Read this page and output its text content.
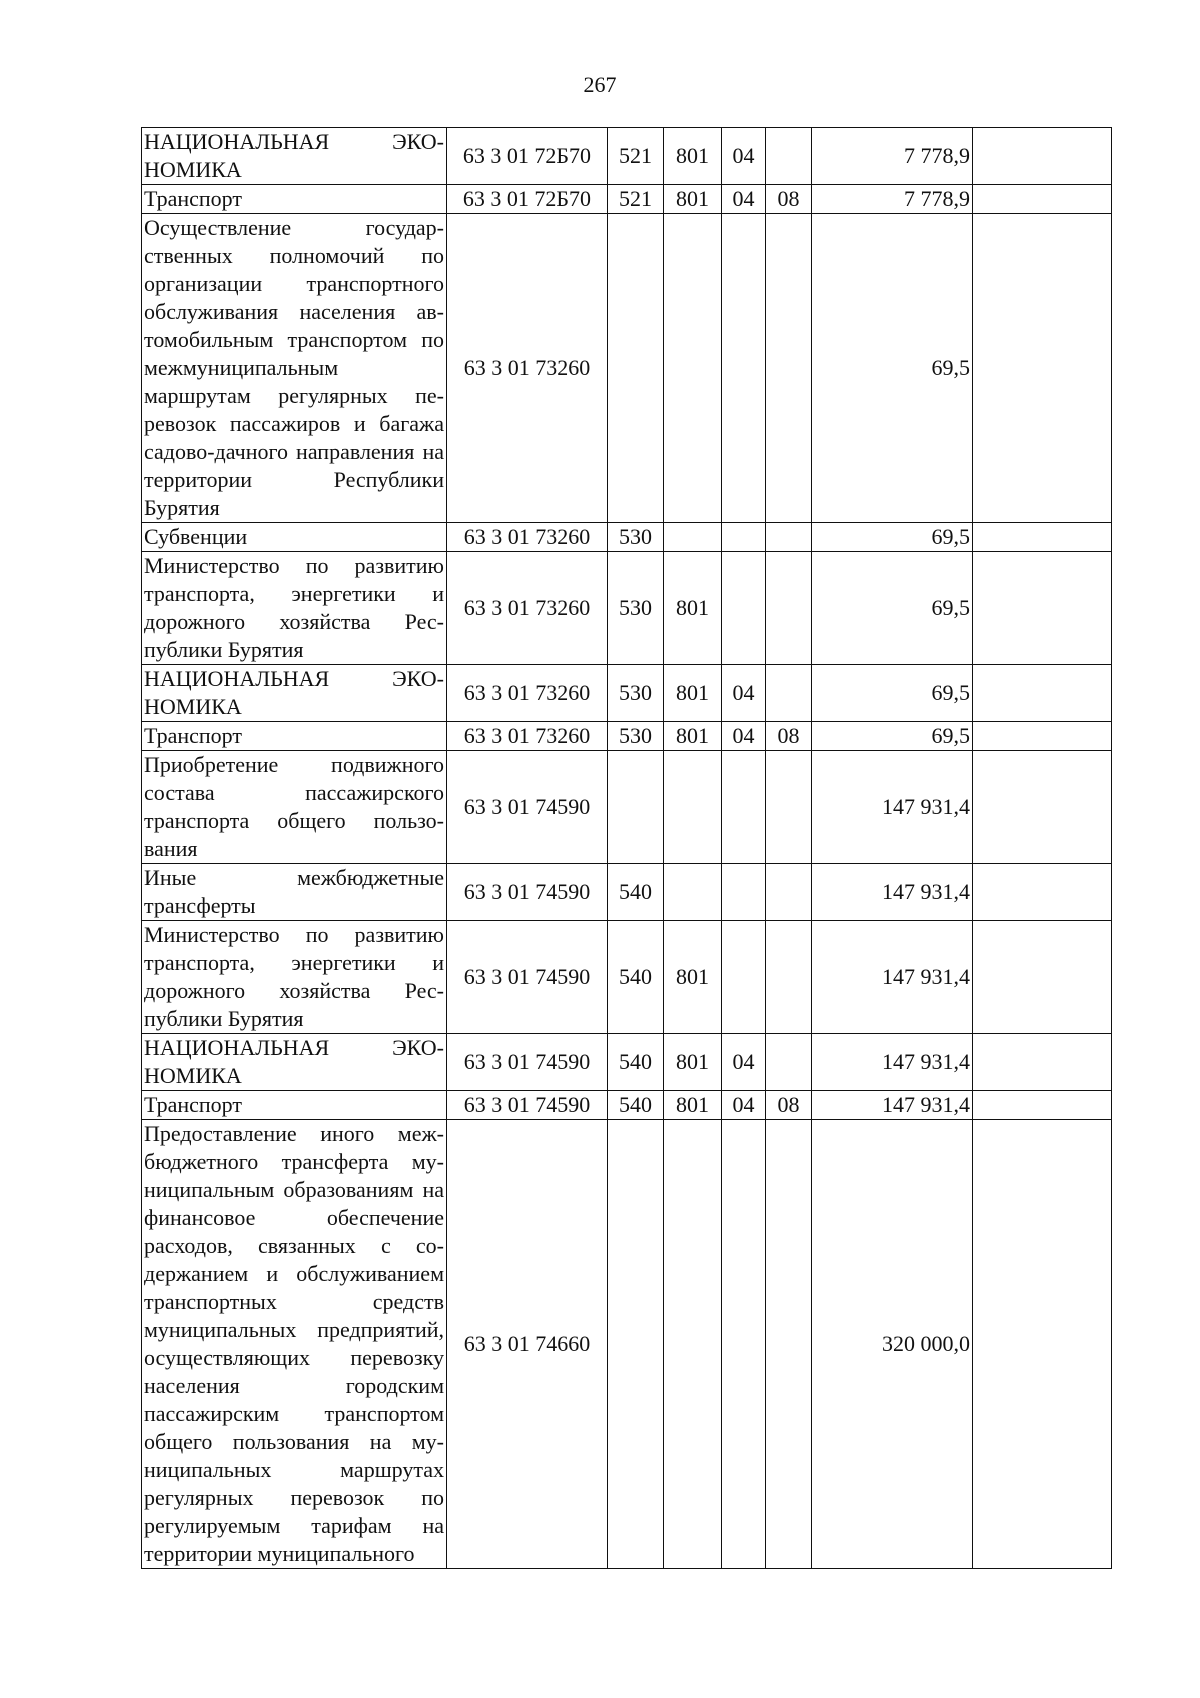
267
НАЦИОНАЛЬНАЯ ЭКОНОМИКА	63 3 01 72Б70	521	801	04		7 778,9	
Транспорт	63 3 01 72Б70	521	801	04	08	7 778,9	
Осуществление государственных полномочий по организации транспортного обслуживания населения автомобильным транспортом по межмуниципальным маршрутам регулярных перевозок пассажиров и багажа садово-дачного направления на территории Республики Бурятия	63 3 01 73260					69,5	
Субвенции	63 3 01 73260	530				69,5	
Министерство по развитию транспорта, энергетики и дорожного хозяйства Республики Бурятия	63 3 01 73260	530	801			69,5	
НАЦИОНАЛЬНАЯ ЭКОНОМИКА	63 3 01 73260	530	801	04		69,5	
Транспорт	63 3 01 73260	530	801	04	08	69,5	
Приобретение подвижного состава пассажирского транспорта общего пользования	63 3 01 74590					147 931,4	
Иные межбюджетные трансферты	63 3 01 74590	540				147 931,4	
Министерство по развитию транспорта, энергетики и дорожного хозяйства Республики Бурятия	63 3 01 74590	540	801			147 931,4	
НАЦИОНАЛЬНАЯ ЭКОНОМИКА	63 3 01 74590	540	801	04		147 931,4	
Транспорт	63 3 01 74590	540	801	04	08	147 931,4	
Предоставление иного межбюджетного трансферта муниципальным образованиям на финансовое обеспечение расходов, связанных с содержанием и обслуживанием транспортных средств муниципальных предприятий, осуществляющих перевозку населения городским пассажирским транспортом общего пользования на муниципальных маршрутах регулярных перевозок по регулируемым тарифам на территории муниципального	63 3 01 74660					320 000,0	
